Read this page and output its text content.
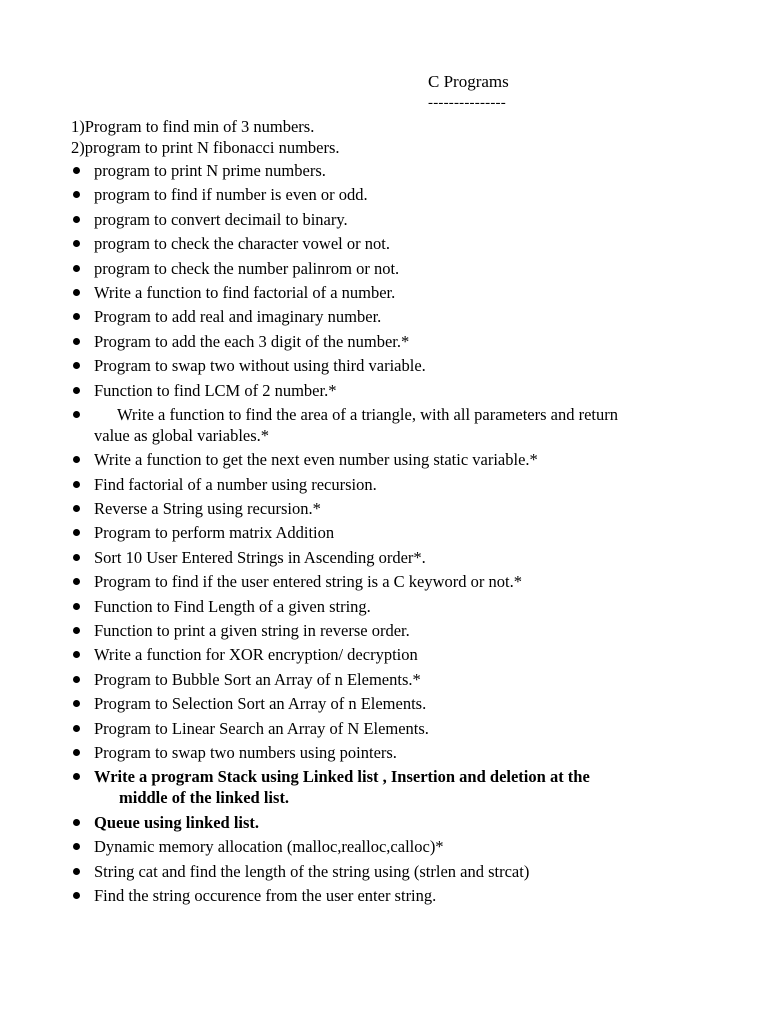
C Programs
---------------
1)Program to find min of 3 numbers.
2)program to print N fibonacci numbers.
program to print N prime numbers.
program to find if number is even or odd.
program to convert decimail to binary.
program to check the character vowel or not.
program to check the number palinrom or not.
Write a function to find factorial of a number.
Program to add real and imaginary number.
Program to add the each 3 digit of the number.*
Program to swap two without using third variable.
Function to find LCM of 2 number.*
Write a function to find the area of a triangle, with all parameters and return
value as global variables.*
Write a function to get the next even number using static variable.*
Find factorial of a number using recursion.
Reverse a String using recursion.*
Program to perform matrix Addition
Sort 10 User Entered Strings in Ascending order*.
Program to find if the user entered string is a C keyword or not.*
Function to Find Length of a given string.
Function to print a given string in reverse order.
Write a function for XOR encryption/ decryption
Program to Bubble Sort an Array of n Elements.*
Program to Selection Sort an Array of n Elements.
Program to Linear Search an Array of N Elements.
Program to swap two numbers using pointers.
Write a program Stack using Linked list , Insertion and deletion at the
middle of the linked list.
Queue using linked list.
Dynamic memory allocation (malloc,realloc,calloc)*
String cat and find the length of the string using (strlen and strcat)
Find the string occurence from the user enter string.
